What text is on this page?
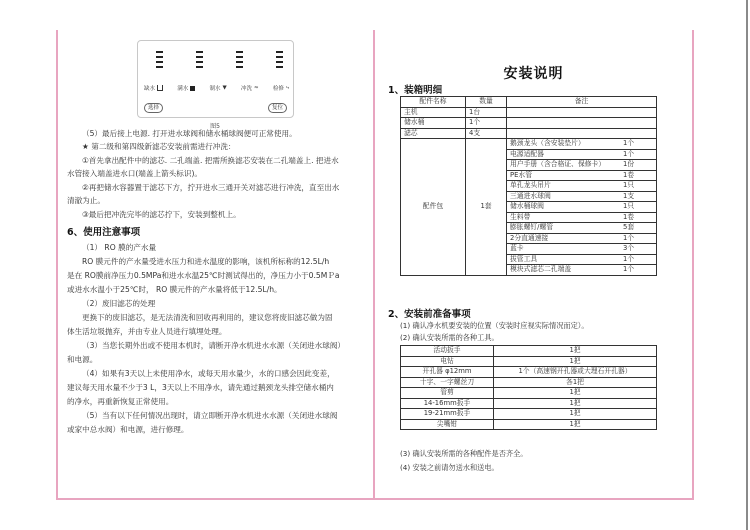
缺水	满水	制水 ▼	冲洗 ≈	检修 ⤷
选择	复位
图5
（5）最后接上电源. 打开进水球阀和储水桶球阀便可正常使用。
★ 第二级和第四级新滤芯安装前需进行冲洗：
①首先拿出配件中的滤芯. 二孔端盖. 把需所换滤芯安装在二孔端盖上. 把进水
水管接入端盖进水口(端盖上箭头标识)。
②再把储水容器置于滤芯下方，拧开进水三通开关对滤芯进行冲洗，直至出水
清澈为止。
③最后把冲洗完毕的滤芯拧下，安装到整机上。
6、使用注意事项
（1） RO 膜的产水量
RO 膜元件的产水量受进水压力和进水温度的影响，该机所标称的12.5L/h
是在 RO膜前净压力0.5MPa和进水水温25℃时测试得出的，净压力小于0.5MＰa
或进水水温小于25℃时， RO 膜元件的产水量将低于12.5L/h。
（2）废旧滤芯的处理
更换下的废旧滤芯，是无法清洗和回收再利用的，建议您将废旧滤芯做为固
体生活垃圾抛弃，并由专业人员进行填埋处理。
（3）当您长期外出或不使用本机时，请断开净水机进水水源（关闭进水球阀）
和电源。
（4）如果有3天以上未使用净水，或每天用水量少，水的口感会因此变差，
建议每天用水量不少于3 L，3天以上不用净水，请先通过鹅颈龙头排空储水桶内
的净水，再重新恢复正常使用。
（5）当有以下任何情况出现时，请立即断开净水机进水水源（关闭进水球阀
或家中总水阀）和电源，进行修理。
安装说明
1、装箱明细
配件名称	数量	备注
主机	1台	
储水桶	1个	
滤芯	4支	
配件包	1套	
鹅颈龙头（含安装垫片）	1个
电源适配器	1个
用户手册（含合格证、保修卡）	1份
PE水管	1卷
单孔龙头吊片	1只
三通进水球阀	1支
储水桶球阀	1只
生料带	1卷
膨胀螺钉/螺管	5套
2分直通速接	1个
蓝卡	3个
拔管工具	1个
模块式滤芯二孔端盖	1个
2、安装前准备事项
(1) 确认净水机要安装的位置（安装时应视实际情况而定）。
(2) 确认安装所需的各种工具。
活动扳手	1把
电钻	1把
开孔器 φ12mm	1个（高速钢开孔器或大理石开孔器）
十字、一字螺丝刀	各1把
管剪	1把
14-16mm扳手	1把
19-21mm扳手	1把
尖嘴钳	1把
(3) 确认安装所需的各种配件是否齐全。
(4) 安装之前请勿送水和送电。
